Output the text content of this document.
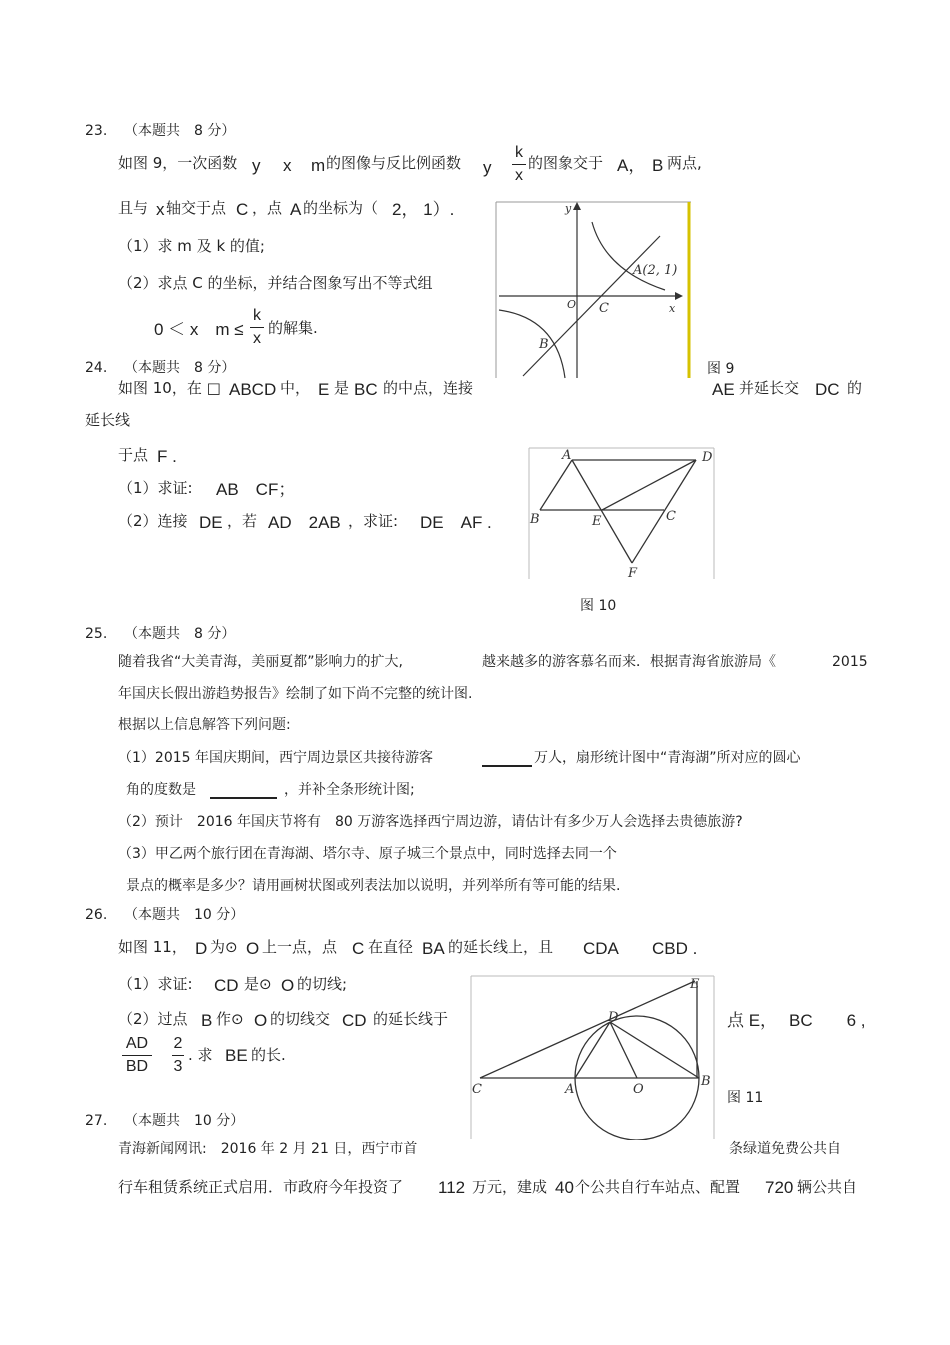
23. （本题共　8 分）
如图 9，一次函数 y x m 的图像与反比例函数 y
k
x
的图象交于 A， B 两点,
且与 x 轴交于点 C ，点 A 的坐标为（ 2， 1）.
（1）求 m 及 k 的值;
（2）求点 C 的坐标，并结合图象写出不等式组
0 ＜ x　m ≤
k
x
的解集.
y
x
O C
B
A(2, 1)
图 9
24. （本题共　8 分）
如图 10，在 □ ABCD 中， E 是 BC 的中点，连接	AE 并延长交 DC 的
延长线
于点 F .
（1）求证: AB　CF；
（2）连接 DE ，若 AD　2AB ，求证: DE　AF .
A	D
B	E	C
F
图 10
25. （本题共　8 分）
随着我省“大美青海，美丽夏都”影响力的扩大,	越来越多的游客慕名而来．根据青海省旅游局《	2015
年国庆长假出游趋势报告》绘制了如下尚不完整的统计图.
根据以上信息解答下列问题:
（1）2015 年国庆期间，西宁周边景区共接待游客	万人，扇形统计图中“青海湖”所对应的圆心
角的度数是	，并补全条形统计图;
（2）预计　2016 年国庆节将有　80 万游客选择西宁周边游，请估计有多少万人会选择去贵德旅游?
（3）甲乙两个旅行团在青海湖、塔尔寺、原子城三个景点中，同时选择去同一个
景点的概率是多少？请用画树状图或列表法加以说明，并列举所有等可能的结果.
26. （本题共　10 分）
如图 11， D 为⊙ O 上一点，点 C 在直径 BA 的延长线上，且 CDA　　CBD .
（1）求证: CD 是⊙ O 的切线;
（2）过点 B 作⊙ O 的切线交 CD 的延长线于	点 E， BC　　6 ,
AD
BD
2
3
. 求 BE 的长.
E
D
C	A	O
B
图 11
27. （本题共　10 分）
青海新闻网讯:　2016 年 2 月 21 日，西宁市首	条绿道免费公共自
行车租赁系统正式启用．市政府今年投资了 112 万元，建成 40 个公共自行车站点、配置 720 辆公共自
